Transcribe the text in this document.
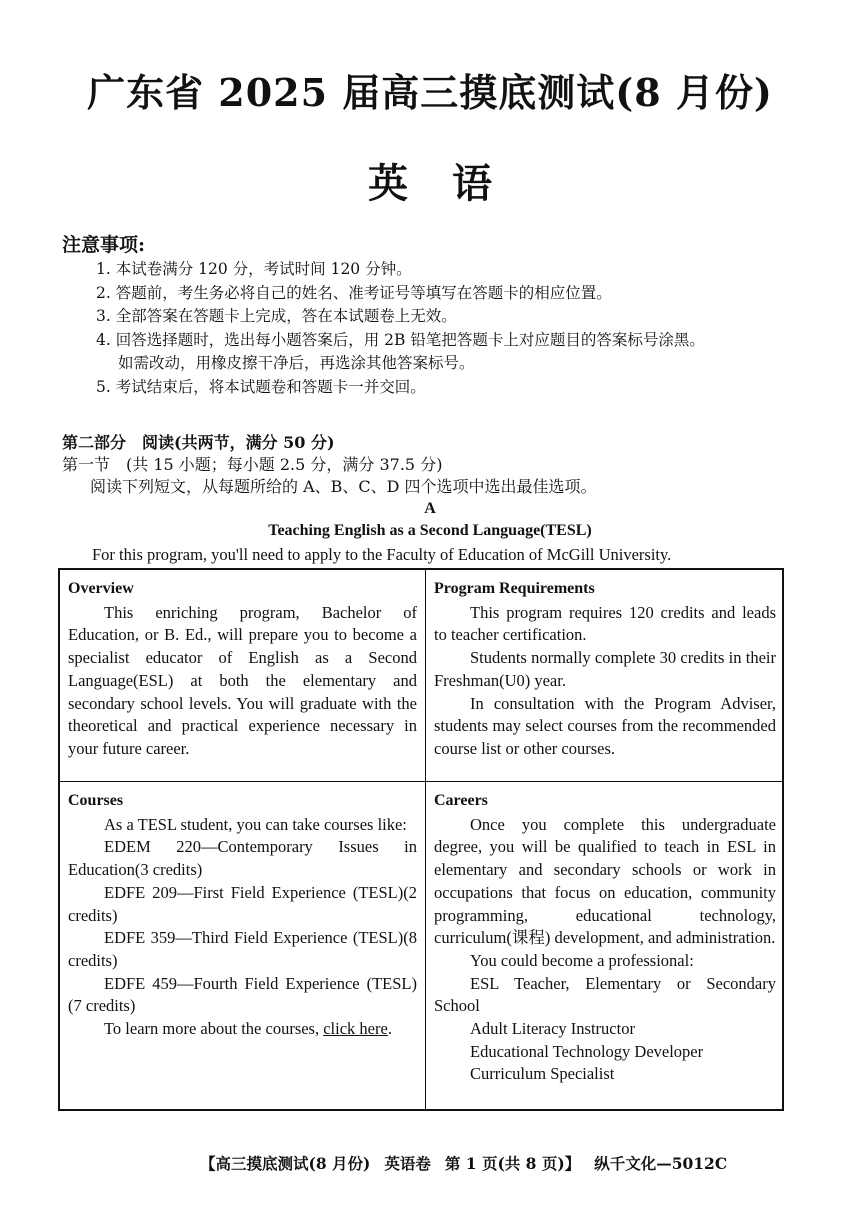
广东省 2025 届高三摸底测试(8 月份)
英语
注意事项:
1. 本试卷满分 120 分，考试时间 120 分钟。
2. 答题前，考生务必将自己的姓名、准考证号等填写在答题卡的相应位置。
3. 全部答案在答题卡上完成，答在本试题卷上无效。
4. 回答选择题时，选出每小题答案后，用 2B 铅笔把答题卡上对应题目的答案标号涂黑。
如需改动，用橡皮擦干净后，再选涂其他答案标号。
5. 考试结束后，将本试题卷和答题卡一并交回。
第二部分　阅读(共两节，满分 50 分)
第一节　(共 15 小题；每小题 2.5 分，满分 37.5 分)
阅读下列短文，从每题所给的 A、B、C、D 四个选项中选出最佳选项。
A
Teaching English as a Second Language(TESL)
For this program, you'll need to apply to the Faculty of Education of McGill University.
Overview

This enriching program, Bachelor of Education, or B. Ed., will prepare you to become a specialist educator of English as a Second Language(ESL) at both the elementary and secondary school levels. You will graduate with the theoretical and practical experience necessary in your future career.

Program Requirements

This program requires 120 credits and leads to teacher certification.

Students normally complete 30 credits in their Freshman(U0) year.

In consultation with the Program Adviser, students may select courses from the recommended course list or other courses.

Courses

As a TESL student, you can take courses like:

EDEM 220—Contemporary Issues in Education(3 credits)

EDFE 209—First Field Experience (TESL)(2 credits)

EDFE 359—Third Field Experience (TESL)(8 credits)

EDFE 459—Fourth Field Experience (TESL)(7 credits)

To learn more about the courses, click here.

Careers

Once you complete this undergraduate degree, you will be qualified to teach in ESL in elementary and secondary schools or work in occupations that focus on education, community programming, educational technology, curriculum(课程) development, and administration.

You could become a professional:

ESL Teacher, Elementary or Secondary School

Adult Literacy Instructor

Educational Technology Developer

Curriculum Specialist

【高三摸底测试(8 月份) 英语卷 第 1 页(共 8 页)】 纵千文化—5012C
